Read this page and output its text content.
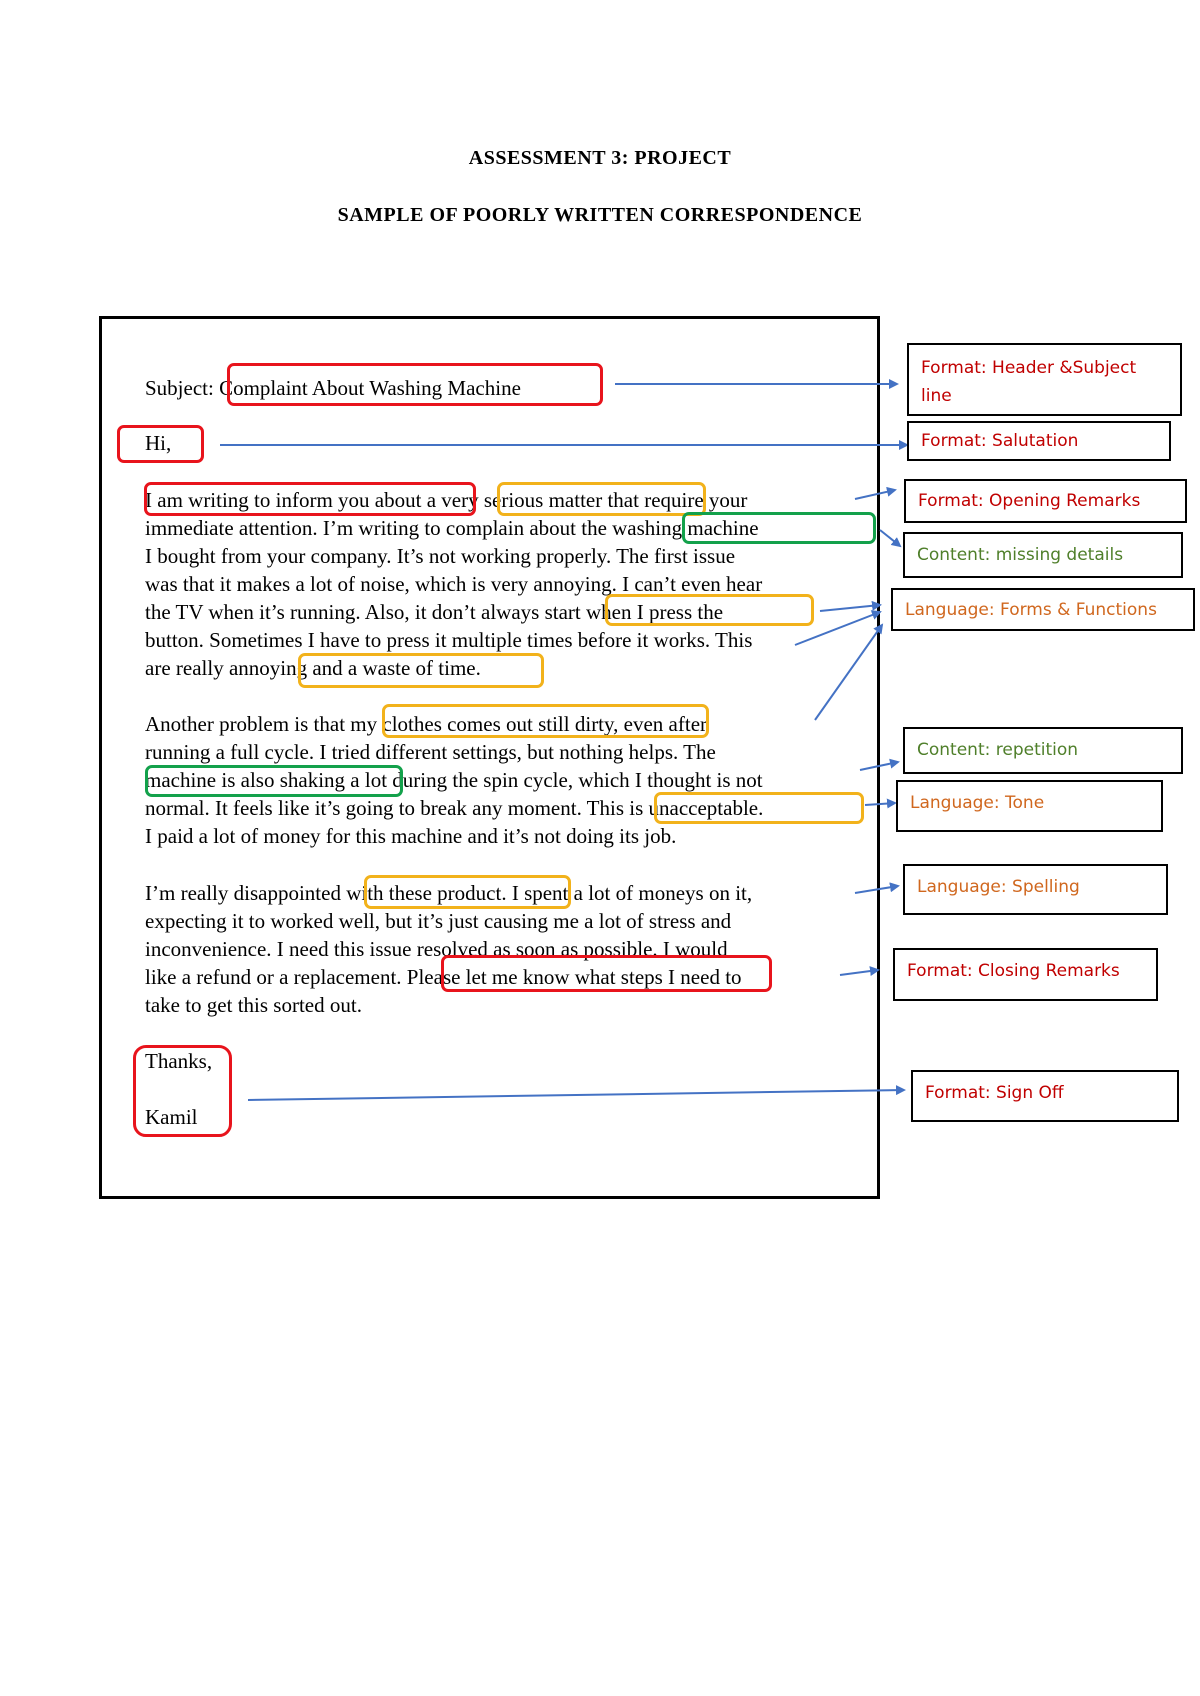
ASSESSMENT 3: PROJECT
SAMPLE OF POORLY WRITTEN CORRESPONDENCE
Subject: Complaint About Washing Machine
Hi,
I am writing to inform you about a very serious matter that require your
immediate attention. I’m writing to complain about the washing machine
I bought from your company. It’s not working properly. The first issue
was that it makes a lot of noise, which is very annoying. I can’t even hear
the TV when it’s running. Also, it don’t always start when I press the
button. Sometimes I have to press it multiple times before it works. This
are really annoying and a waste of time.
Another problem is that my clothes comes out still dirty, even after
running a full cycle. I tried different settings, but nothing helps. The
machine is also shaking a lot during the spin cycle, which I thought is not
normal. It feels like it’s going to break any moment. This is unacceptable.
I paid a lot of money for this machine and it’s not doing its job.
I’m really disappointed with these product. I spent a lot of moneys on it,
expecting it to worked well, but it’s just causing me a lot of stress and
inconvenience. I need this issue resolved as soon as possible. I would
like a refund or a replacement. Please let me know what steps I need to
take to get this sorted out.
Thanks,
Kamil
Format: Header &Subject line
Format: Salutation
Format: Opening Remarks
Content: missing details
Language: Forms & Functions
Content: repetition
Language: Tone
Language: Spelling
Format: Closing Remarks
Format: Sign Off
